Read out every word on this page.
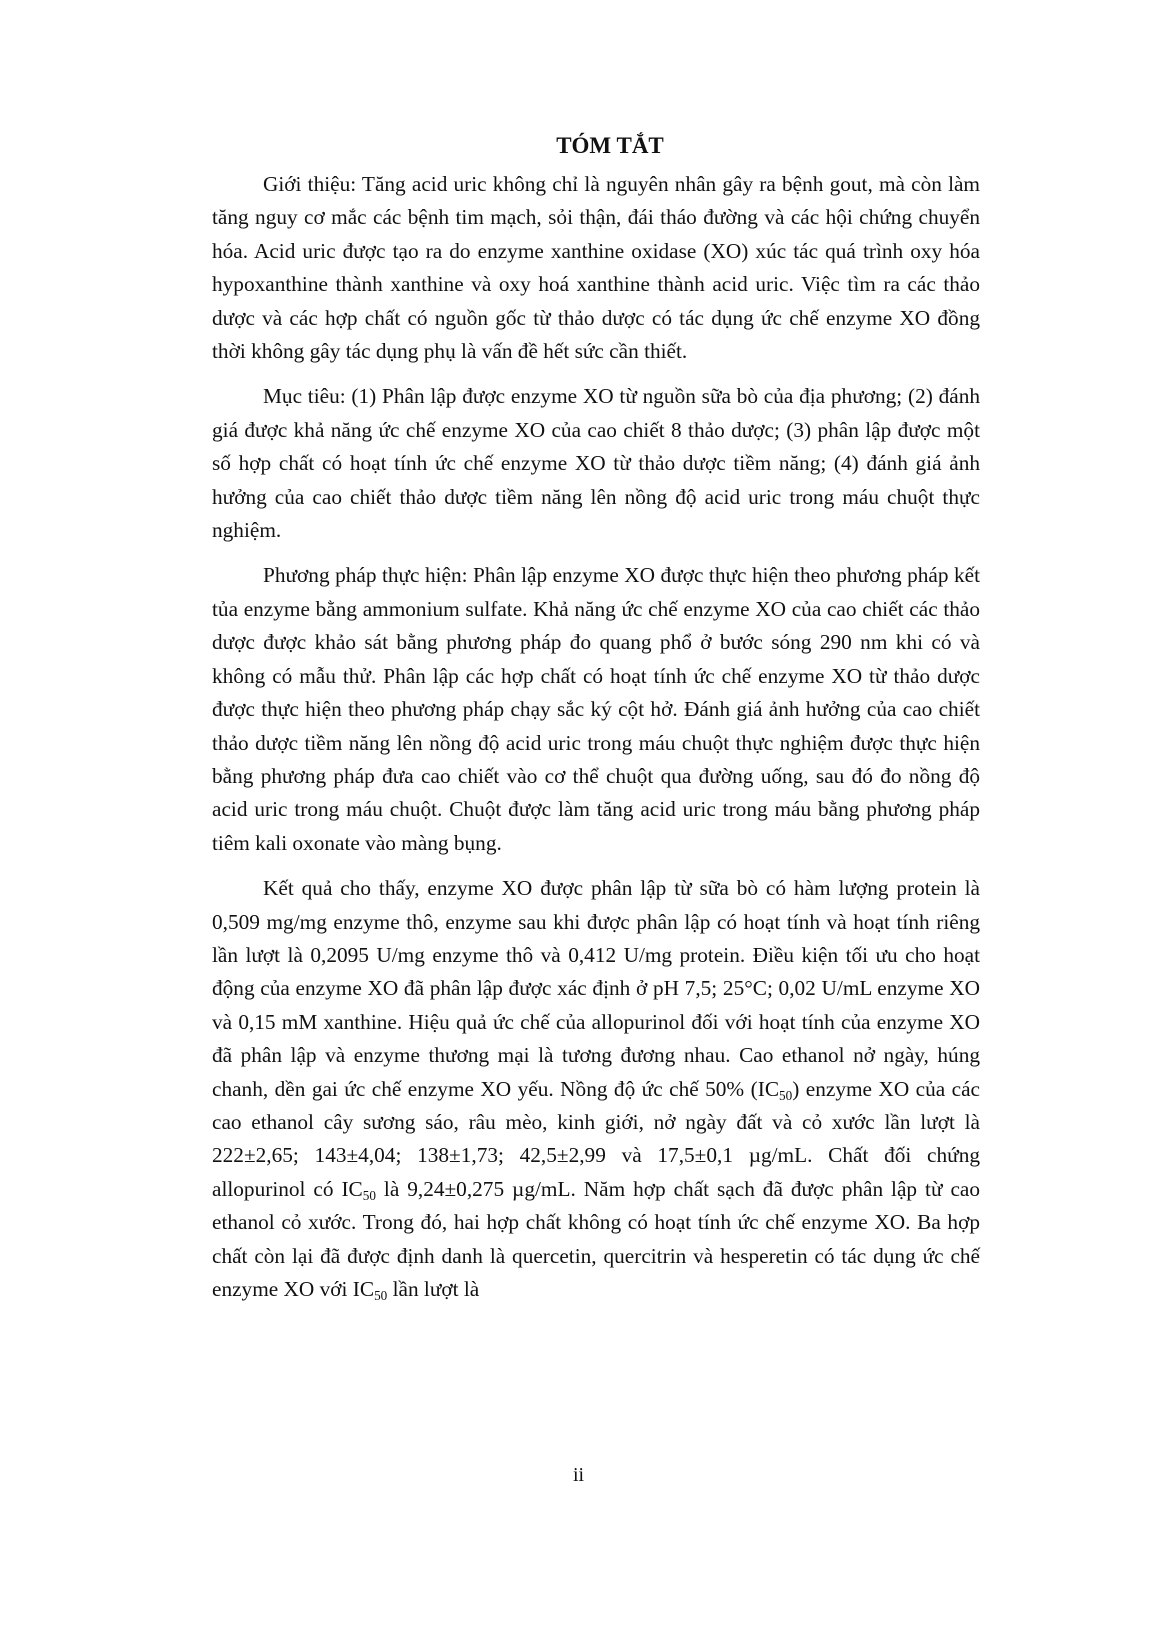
TÓM TẮT

Giới thiệu: Tăng acid uric không chỉ là nguyên nhân gây ra bệnh gout, mà còn làm tăng nguy cơ mắc các bệnh tim mạch, sỏi thận, đái tháo đường và các hội chứng chuyển hóa. Acid uric được tạo ra do enzyme xanthine oxidase (XO) xúc tác quá trình oxy hóa hypoxanthine thành xanthine và oxy hoá xanthine thành acid uric. Việc tìm ra các thảo dược và các hợp chất có nguồn gốc từ thảo dược có tác dụng ức chế enzyme XO đồng thời không gây tác dụng phụ là vấn đề hết sức cần thiết.

Mục tiêu: (1) Phân lập được enzyme XO từ nguồn sữa bò của địa phương; (2) đánh giá được khả năng ức chế enzyme XO của cao chiết 8 thảo dược; (3) phân lập được một số hợp chất có hoạt tính ức chế enzyme XO từ thảo dược tiềm năng; (4) đánh giá ảnh hưởng của cao chiết thảo dược tiềm năng lên nồng độ acid uric trong máu chuột thực nghiệm.

Phương pháp thực hiện: Phân lập enzyme XO được thực hiện theo phương pháp kết tủa enzyme bằng ammonium sulfate. Khả năng ức chế enzyme XO của cao chiết các thảo dược được khảo sát bằng phương pháp đo quang phổ ở bước sóng 290 nm khi có và không có mẫu thử. Phân lập các hợp chất có hoạt tính ức chế enzyme XO từ thảo dược được thực hiện theo phương pháp chạy sắc ký cột hở. Đánh giá ảnh hưởng của cao chiết thảo dược tiềm năng lên nồng độ acid uric trong máu chuột thực nghiệm được thực hiện bằng phương pháp đưa cao chiết vào cơ thể chuột qua đường uống, sau đó đo nồng độ acid uric trong máu chuột. Chuột được làm tăng acid uric trong máu bằng phương pháp tiêm kali oxonate vào màng bụng.

Kết quả cho thấy, enzyme XO được phân lập từ sữa bò có hàm lượng protein là 0,509 mg/mg enzyme thô, enzyme sau khi được phân lập có hoạt tính và hoạt tính riêng lần lượt là 0,2095 U/mg enzyme thô và 0,412 U/mg protein. Điều kiện tối ưu cho hoạt động của enzyme XO đã phân lập được xác định ở pH 7,5; 25°C; 0,02 U/mL enzyme XO và 0,15 mM xanthine. Hiệu quả ức chế của allopurinol đối với hoạt tính của enzyme XO đã phân lập và enzyme thương mại là tương đương nhau. Cao ethanol nở ngày, húng chanh, dền gai ức chế enzyme XO yếu. Nồng độ ức chế 50% $(IC_{50})$ enzyme XO của các cao ethanol cây sương sáo, râu mèo, kinh giới, nở ngày đất và cỏ xước lần lượt là 222±2,65; 143±4,04; 138±1,73; 42,5±2,99 và 17,5±0,1 µg/mL. Chất đối chứng allopurinol có $IC_{50}$ là 9,24±0,275 µg/mL. Năm hợp chất sạch đã được phân lập từ cao ethanol cỏ xước. Trong đó, hai hợp chất không có hoạt tính ức chế enzyme XO. Ba hợp chất còn lại đã được định danh là quercetin, quercitrin và hesperetin có tác dụng ức chế enzyme XO với $IC_{50}$ lần lượt là

ii
